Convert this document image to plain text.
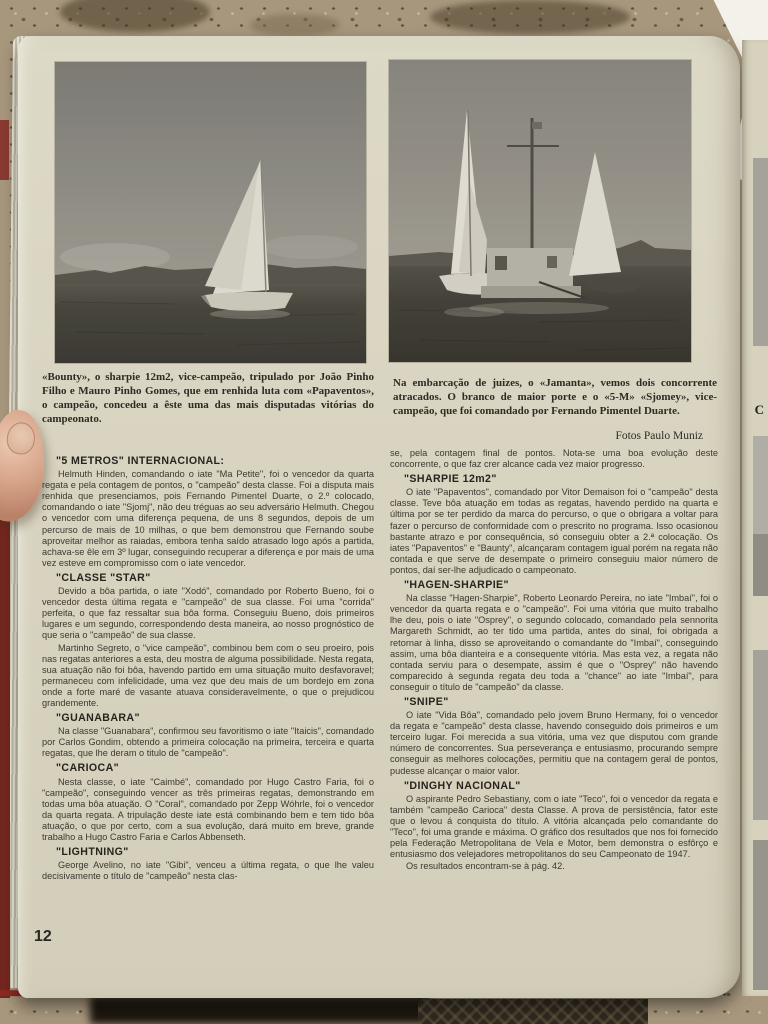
«Bounty», o sharpie 12m2, vice-campeão, tripulado por João Pinho Filho e Mauro Pinho Gomes, que em renhida luta com «Papaventos», o campeão, concedeu a êste uma das mais disputadas vitórias do campeonato.
Na embarcação de juizes, o «Jamanta», vemos dois concorrente atracados. O branco de maior porte e o «5-M» «Sjomey», vice-campeão, que foi comandado por Fernando Pimentel Duarte.
Fotos Paulo Muniz
"5 METROS" INTERNACIONAL:

Helmuth Hinden, comandando o iate "Ma Petite", foi o vencedor da quarta regata e pela contagem de pontos, o "campeão" desta classe. Foi a disputa mais renhida que presenciamos, pois Fernando Pimentel Duarte, o 2.º colocado, comandando o iate "Sjomj", não deu tréguas ao seu adversário Helmuth. Chegou o vencedor com uma diferença pequena, de uns 8 segundos, depois de um percurso de mais de 10 milhas, o que bem demonstrou que Fernando soube aproveitar melhor as raiadas, embora tenha saído atrasado logo após a partida, achava-se êle em 3º lugar, conseguindo recuperar a diferença e por mais de uma vez esteve em compromisso com o iate vencedor.

"CLASSE "STAR"

Devido a bôa partida, o iate "Xodó", comandado por Roberto Bueno, foi o vencedor desta última regata e "campeão" de sua classe. Foi uma "corrida" perfeita, o que faz ressaltar sua bôa forma. Conseguiu Bueno, dois primeiros lugares e um segundo, correspondendo desta maneira, ao nosso prognóstico de que seria o "campeão" de sua classe.

Martinho Segreto, o "vice campeão", combinou bem com o seu proeiro, pois nas regatas anteriores a esta, deu mostra de alguma possibilidade. Nesta regata, sua atuação não foi bôa, havendo partido em uma situação muito desfavoravel; permaneceu com infelicidade, uma vez que deu mais de um bordejo em zona onde a forte maré de vasante atuava consideravelmente, o que o prejudicou grandemente.

"GUANABARA"

Na classe "Guanabara", confirmou seu favoritismo o iate "Itaicis", comandado por Carlos Gondim, obtendo a primeira colocação na primeira, terceira e quarta regatas, que lhe deram o titulo de "campeão".

"CARIOCA"

Nesta classe, o iate "Caimbé", comandado por Hugo Castro Faria, foi o "campeão", conseguindo vencer as três primeiras regatas, demonstrando em todas uma bôa atuação. O "Coral", comandado por Zepp Wóhrle, foi o vencedor da quarta regata. A tripulação deste iate está combinando bem e tem tido bôa atuação, o que por certo, com a sua evolução, dará muito em breve, grande trabalho a Hugo Castro Faria e Carlos Abbenseth.

"LIGHTNING"

George Avelino, no iate "Gibi", venceu a última regata, o que lhe valeu decisivamente o título de "campeão" nesta clas-

se, pela contagem final de pontos. Nota-se uma boa evolução deste concorrente, o que faz crer alcance cada vez maior progresso.

"SHARPIE 12m2"

O iate "Papaventos", comandado por Vitor Demaison foi o "campeão" desta classe. Teve bôa atuação em todas as regatas, havendo perdido na quarta e última por se ter perdido da marca do percurso, o que o obrigara a voltar para fazer o percurso de conformidade com o prescrito no programa. Isso ocasionou bastante atrazo e por consequência, só conseguiu obter a 2.ª colocação. Os iates "Papaventos" e "Baunty", alcançaram contagem igual porém na regata não contada e que serve de desempate o primeiro conseguiu maior número de pontos, daí ser-lhe adjudicado o campeonato.

"HAGEN-SHARPIE"

Na classe "Hagen-Sharpie", Roberto Leonardo Pereira, no iate "Imbaí", foi o vencedor da quarta regata e o "campeão". Foi uma vitória que muito trabalho lhe deu, pois o iate "Osprey", o segundo colocado, comandado pela sennorita Margareth Schmidt, ao ter tido uma partida, antes do sinal, foi obrigada a retornar à linha, disso se aproveitando o comandante do "Imbaí", conseguindo assim, uma bôa dianteira e a consequente vitória. Mas esta vez, a regata não contada serviu para o desempate, assim é que o "Osprey" não havendo comparecido à segunda regata deu toda a "chance" ao iate "Imbaí", para conseguir o título de "campeão" da classe.

"SNIPE"

O iate "Vida Bôa", comandado pelo jovem Bruno Hermany, foi o vencedor da regata e "campeão" desta classe, havendo conseguido dois primeiros e um terceiro lugar. Foi merecida a sua vitória, uma vez que disputou com grande número de concorrentes. Sua perseverança e entusiasmo, procurando sempre conseguir as melhores colocações, permitiu que na contagem geral de pontos, pudesse alcançar o maior valor.

"DINGHY NACIONAL"

O aspirante Pedro Sebastiany, com o iate "Teco", foi o vencedor da regata e também "campeão Carioca" desta Classe. A prova de persistência, fator este que o levou á conquista do título. A vitória alcançada pelo comandante do "Teco", foi uma grande e máxima. O gráfico dos resultados que nos foi fornecido pela Federação Metropolitana de Vela e Motor, bem demonstra o esfôrço e entusiasmo dos velejadores metropolitanos do seu Campeonato de 1947.

Os resultados encontram-se à pág. 42.

12
C
